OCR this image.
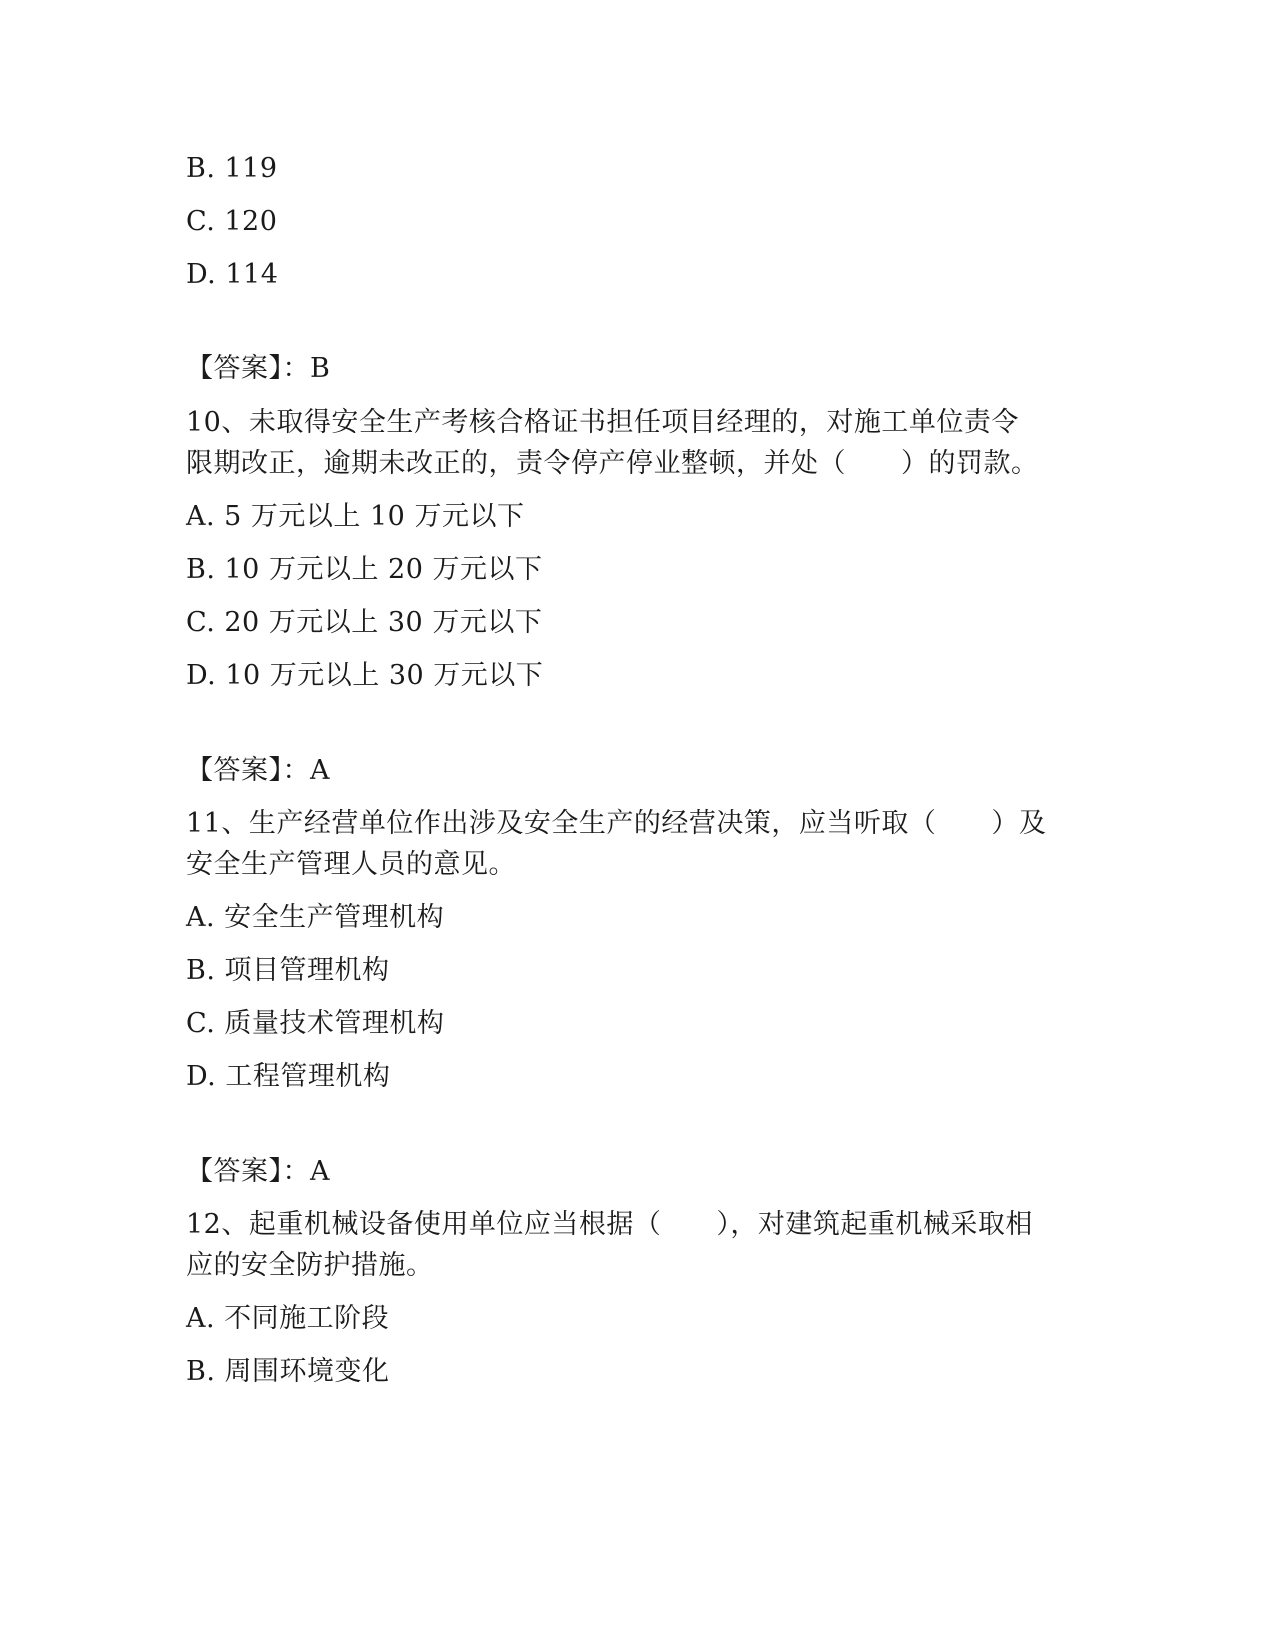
B. 119
C. 120
D. 114
【答案】：B
10、未取得安全生产考核合格证书担任项目经理的，对施工单位责令
限期改正，逾期未改正的，责令停产停业整顿，并处（　　）的罚款。
A. 5 万元以上 10 万元以下
B. 10 万元以上 20 万元以下
C. 20 万元以上 30 万元以下
D. 10 万元以上 30 万元以下
【答案】：A
11、生产经营单位作出涉及安全生产的经营决策，应当听取（　　）及
安全生产管理人员的意见。
A. 安全生产管理机构
B. 项目管理机构
C. 质量技术管理机构
D. 工程管理机构
【答案】：A
12、起重机械设备使用单位应当根据（　　），对建筑起重机械采取相
应的安全防护措施。
A. 不同施工阶段
B. 周围环境变化
